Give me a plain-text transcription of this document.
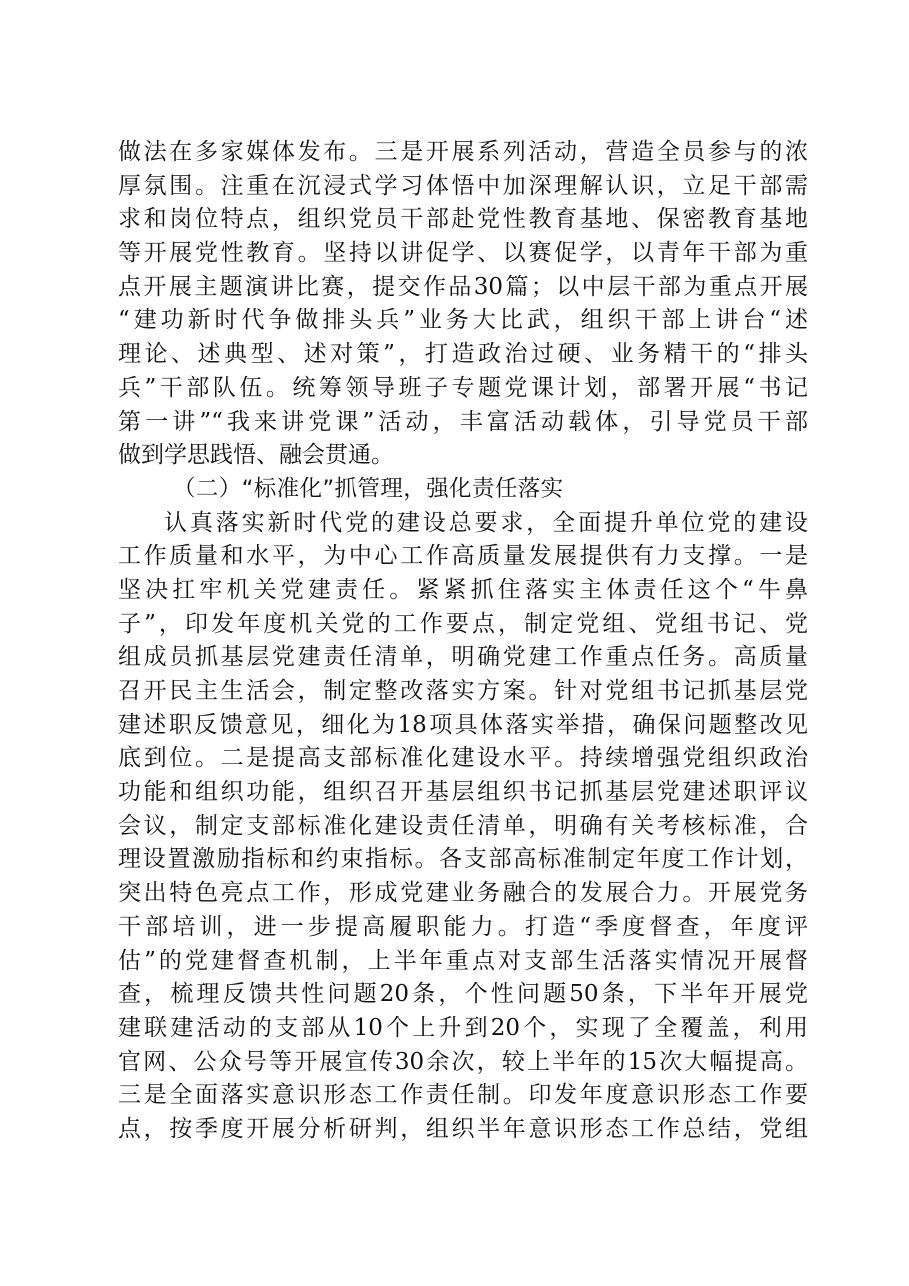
做法在多家媒体发布。三是开展系列活动，营造全员参与的浓
厚氛围。注重在沉浸式学习体悟中加深理解认识，立足干部需
求和岗位特点，组织党员干部赴党性教育基地、保密教育基地
等开展党性教育。坚持以讲促学、以赛促学，以青年干部为重
点开展主题演讲比赛，提交作品30篇；以中层干部为重点开展
“建功新时代争做排头兵”业务大比武，组织干部上讲台“述
理论、述典型、述对策”，打造政治过硬、业务精干的“排头
兵”干部队伍。统筹领导班子专题党课计划，部署开展“书记
第一讲”“我来讲党课”活动，丰富活动载体，引导党员干部
做到学思践悟、融会贯通。
（二）“标准化”抓管理，强化责任落实
认真落实新时代党的建设总要求，全面提升单位党的建设
工作质量和水平，为中心工作高质量发展提供有力支撑。一是
坚决扛牢机关党建责任。紧紧抓住落实主体责任这个“牛鼻
子”，印发年度机关党的工作要点，制定党组、党组书记、党
组成员抓基层党建责任清单，明确党建工作重点任务。高质量
召开民主生活会，制定整改落实方案。针对党组书记抓基层党
建述职反馈意见，细化为18项具体落实举措，确保问题整改见
底到位。二是提高支部标准化建设水平。持续增强党组织政治
功能和组织功能，组织召开基层组织书记抓基层党建述职评议
会议，制定支部标准化建设责任清单，明确有关考核标准，合
理设置激励指标和约束指标。各支部高标准制定年度工作计划，
突出特色亮点工作，形成党建业务融合的发展合力。开展党务
干部培训，进一步提高履职能力。打造“季度督查，年度评
估”的党建督查机制，上半年重点对支部生活落实情况开展督
查，梳理反馈共性问题20条，个性问题50条，下半年开展党
建联建活动的支部从10个上升到20个，实现了全覆盖，利用
官网、公众号等开展宣传30余次，较上半年的15次大幅提高。
三是全面落实意识形态工作责任制。印发年度意识形态工作要
点，按季度开展分析研判，组织半年意识形态工作总结，党组
